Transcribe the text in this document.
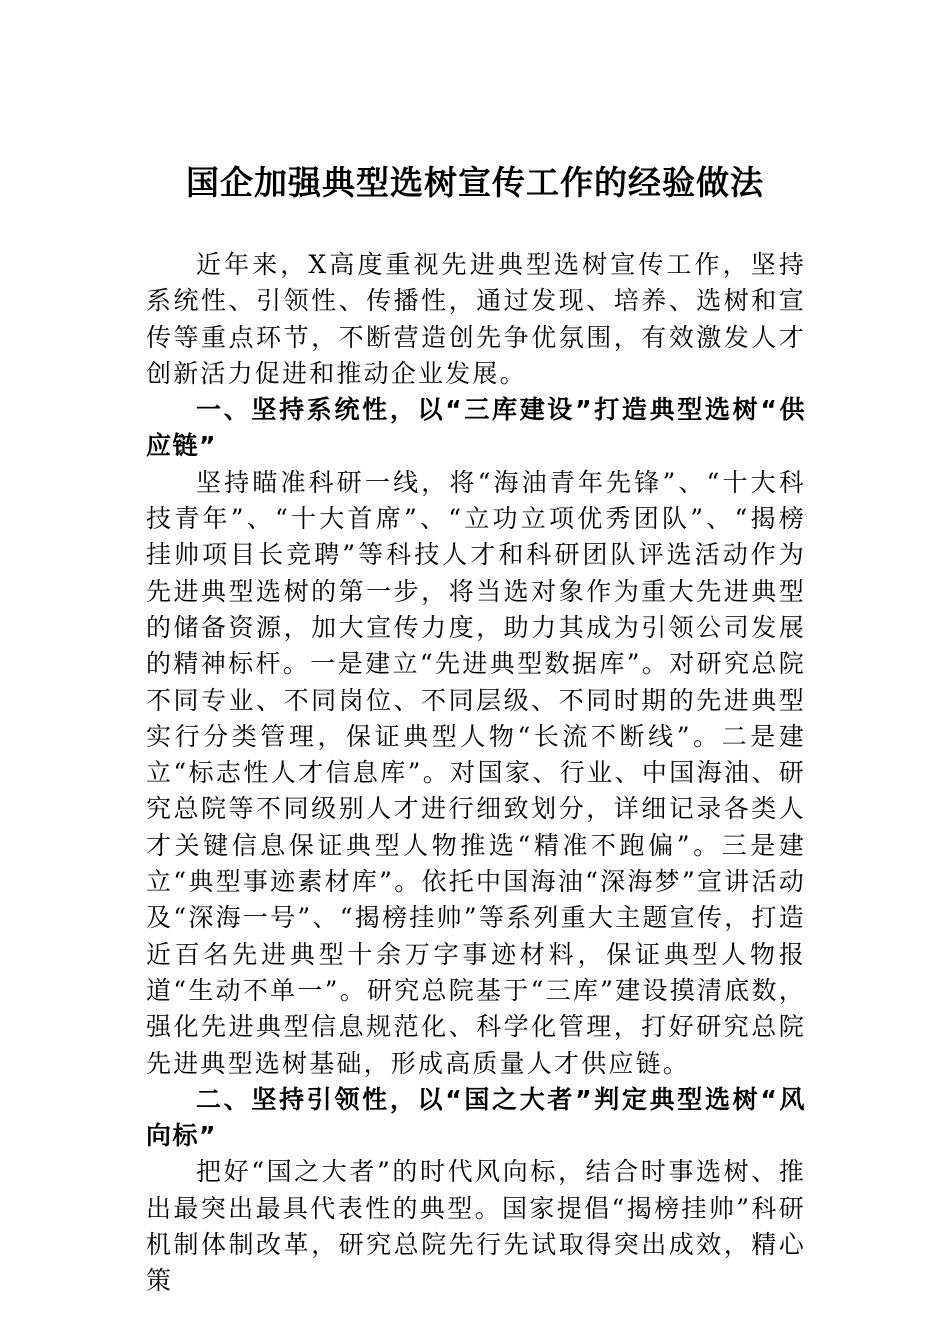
国企加强典型选树宣传工作的经验做法

近年来，X高度重视先进典型选树宣传工作，坚持系统性、引领性、传播性，通过发现、培养、选树和宣传等重点环节，不断营造创先争优氛围，有效激发人才创新活力促进和推动企业发展。

一、坚持系统性，以“三库建设”打造典型选树“供应链”

坚持瞄准科研一线，将“海油青年先锋”、“十大科技青年”、“十大首席”、“立功立项优秀团队”、“揭榜挂帅项目长竞聘”等科技人才和科研团队评选活动作为先进典型选树的第一步，将当选对象作为重大先进典型的储备资源，加大宣传力度，助力其成为引领公司发展的精神标杆。一是建立“先进典型数据库”。对研究总院不同专业、不同岗位、不同层级、不同时期的先进典型实行分类管理，保证典型人物“长流不断线”。二是建立“标志性人才信息库”。对国家、行业、中国海油、研究总院等不同级别人才进行细致划分，详细记录各类人才关键信息保证典型人物推选“精准不跑偏”。三是建立“典型事迹素材库”。依托中国海油“深海梦”宣讲活动及“深海一号”、“揭榜挂帅”等系列重大主题宣传，打造近百名先进典型十余万字事迹材料，保证典型人物报道“生动不单一”。研究总院基于“三库”建设摸清底数，强化先进典型信息规范化、科学化管理，打好研究总院先进典型选树基础，形成高质量人才供应链。

二、坚持引领性，以“国之大者”判定典型选树“风向标”

把好“国之大者”的时代风向标，结合时事选树、推出最突出最具代表性的典型。国家提倡“揭榜挂帅”科研机制体制改革，研究总院先行先试取得突出成效，精心策
